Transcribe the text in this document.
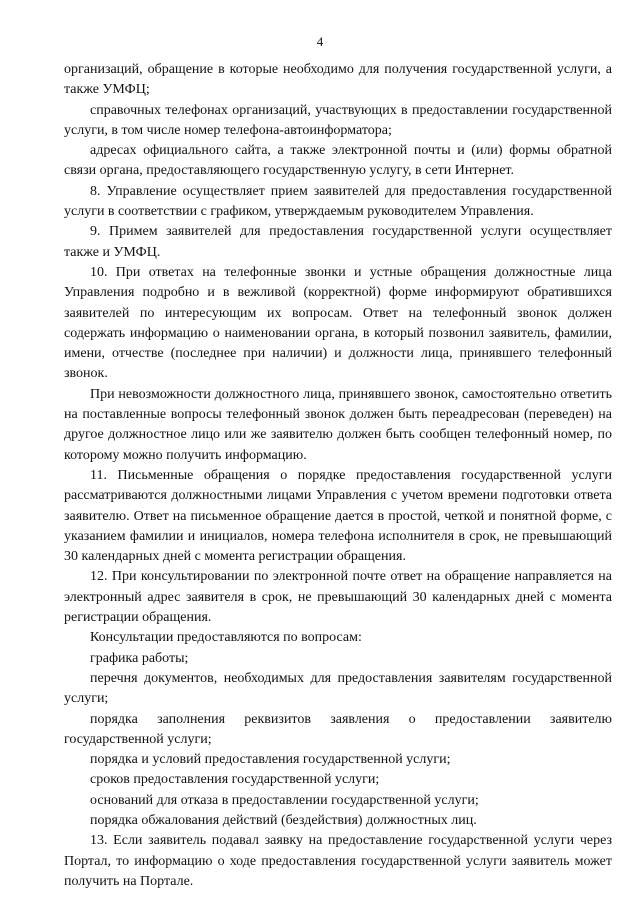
4

организаций, обращение в которые необходимо для получения государственной услуги, а также УМФЦ;

справочных телефонах организаций, участвующих в предоставлении государственной услуги, в том числе номер телефона-автоинформатора;

адресах официального сайта, а также электронной почты и (или) формы обратной связи органа, предоставляющего государственную услугу, в сети Интернет.

8. Управление осуществляет прием заявителей для предоставления государственной услуги в соответствии с графиком, утверждаемым руководителем Управления.

9. Примем заявителей для предоставления государственной услуги осуществляет также и УМФЦ.

10. При ответах на телефонные звонки и устные обращения должностные лица Управления подробно и в вежливой (корректной) форме информируют обратившихся заявителей по интересующим их вопросам. Ответ на телефонный звонок должен содержать информацию о наименовании органа, в который позвонил заявитель, фамилии, имени, отчестве (последнее при наличии) и должности лица, принявшего телефонный звонок.

При невозможности должностного лица, принявшего звонок, самостоятельно ответить на поставленные вопросы телефонный звонок должен быть переадресован (переведен) на другое должностное лицо или же заявителю должен быть сообщен телефонный номер, по которому можно получить информацию.

11. Письменные обращения о порядке предоставления государственной услуги рассматриваются должностными лицами Управления с учетом времени подготовки ответа заявителю. Ответ на письменное обращение дается в простой, четкой и понятной форме, с указанием фамилии и инициалов, номера телефона исполнителя в срок, не превышающий 30 календарных дней с момента регистрации обращения.

12. При консультировании по электронной почте ответ на обращение направляется на электронный адрес заявителя в срок, не превышающий 30 календарных дней с момента регистрации обращения.

Консультации предоставляются по вопросам:

графика работы;

перечня документов, необходимых для предоставления заявителям государственной услуги;

порядка заполнения реквизитов заявления о предоставлении заявителю государственной услуги;

порядка и условий предоставления государственной услуги;

сроков предоставления государственной услуги;

оснований для отказа в предоставлении государственной услуги;

порядка обжалования действий (бездействия) должностных лиц.

13. Если заявитель подавал заявку на предоставление государственной услуги через Портал, то информацию о ходе предоставления государственной услуги заявитель может получить на Портале.
